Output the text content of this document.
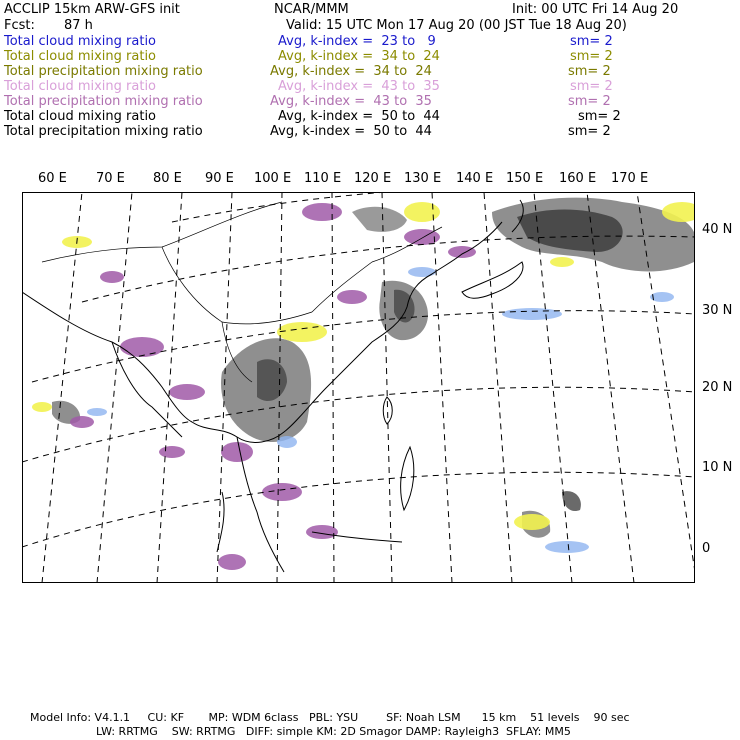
ACCLIP 15km ARW-GFS init	NCAR/MMM	Init: 00 UTC Fri 14 Aug 20
Fcst: 87 h	Valid: 15 UTC Mon 17 Aug 20 (00 JST Tue 18 Aug 20)
Total cloud mixing ratio	Avg, k-index =  23 to   9	sm= 2
Total cloud mixing ratio	Avg, k-index =  34 to  24	sm= 2
Total precipitation mixing ratio	Avg, k-index =  34 to  24	sm= 2
Total cloud mixing ratio	Avg, k-index =  43 to  35	sm= 2
Total precipitation mixing ratio	Avg, k-index =  43 to  35	sm= 2
Total cloud mixing ratio	Avg, k-index =  50 to  44	sm= 2
Total precipitation mixing ratio	Avg, k-index =  50 to  44	sm= 2
60 E 70 E 80 E 90 E 100 E 110 E 120 E 130 E 140 E 150 E 160 E 170 E
40 N
30 N
20 N
10 N
0
Model Info: V4.1.1     CU: KF       MP: WDM 6class   PBL: YSU        SF: Noah LSM      15 km    51 levels    90 sec
LW: RRTMG    SW: RRTMG   DIFF: simple KM: 2D Smagor DAMP: Rayleigh3  SFLAY: MM5
